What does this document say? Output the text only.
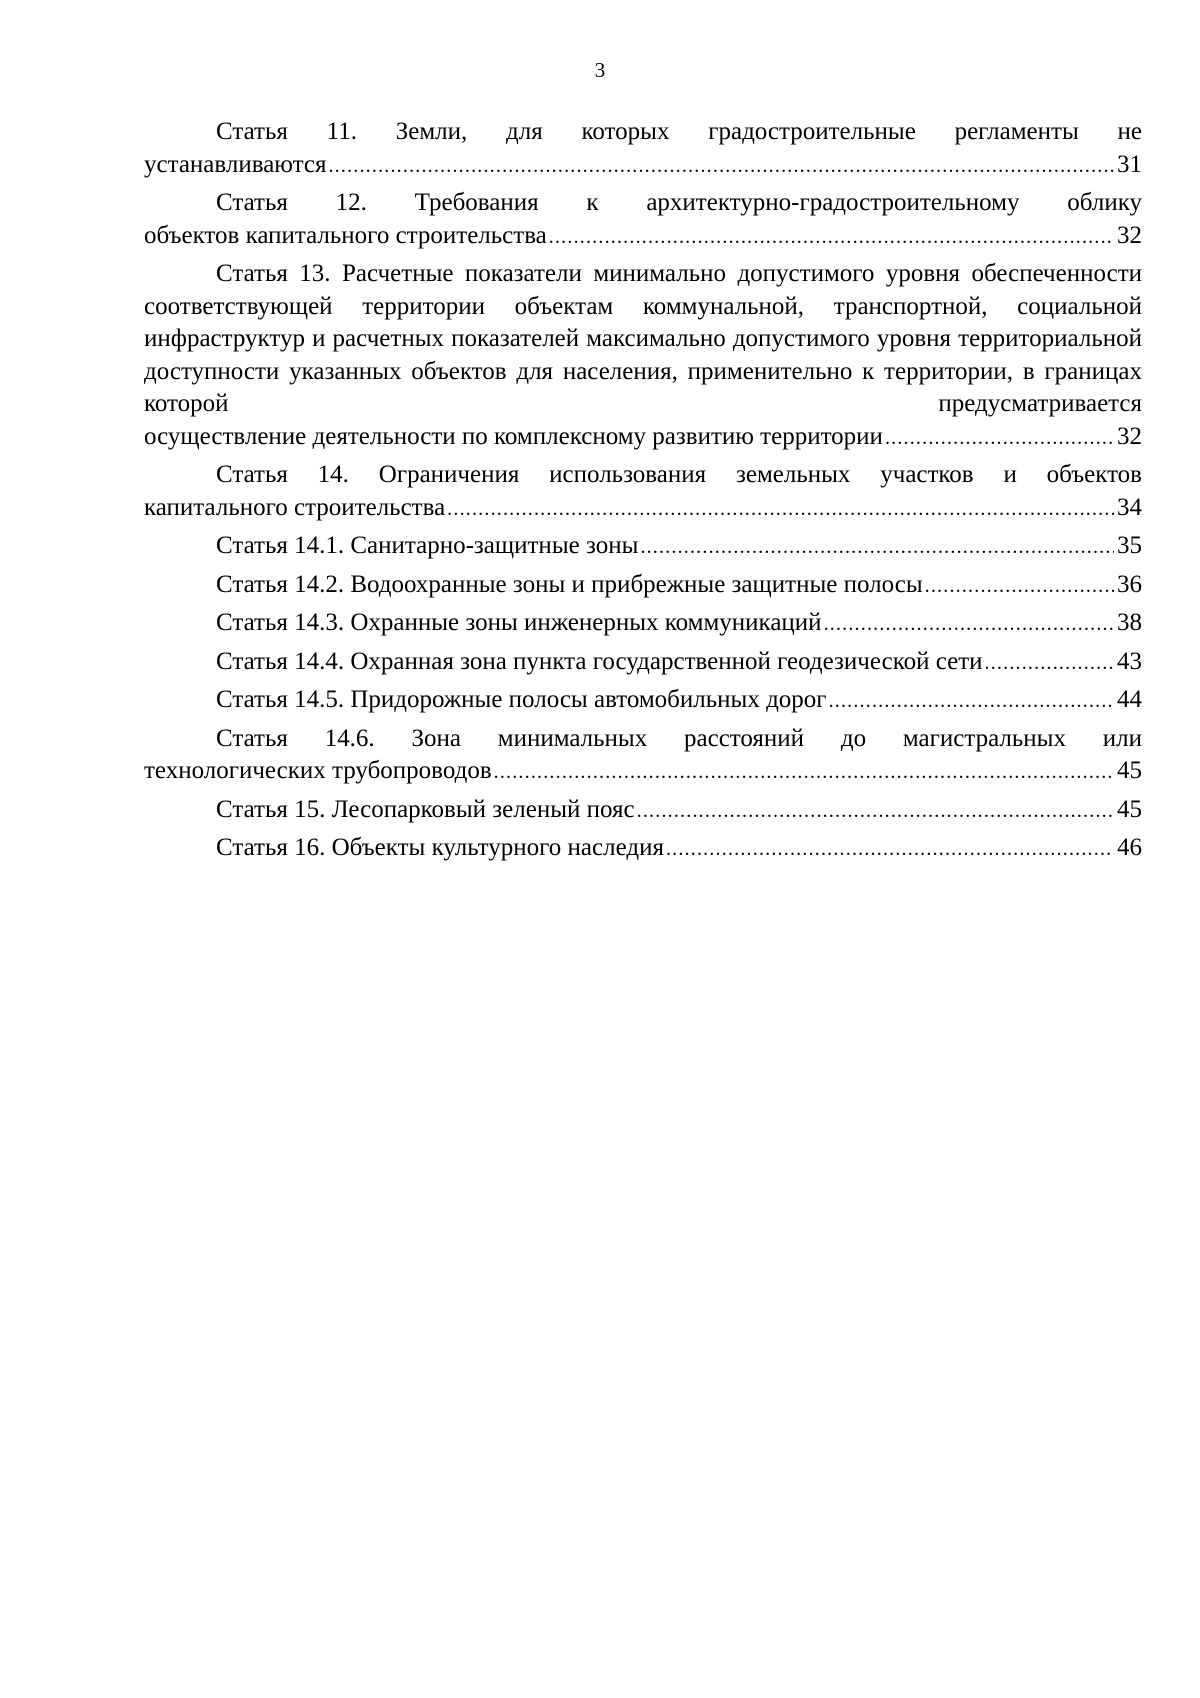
3
Статья 11. Земли, для которых градостроительные регламенты не
устанавливаются .....	31
Статья 12. Требования к архитектурно-градостроительному облику
объектов капитального строительства .....	32
Статья 13. Расчетные показатели минимально допустимого уровня обеспеченности соответствующей территории объектам коммунальной, транспортной, социальной инфраструктур и расчетных показателей максимально допустимого уровня территориальной доступности указанных объектов для населения, применительно к территории, в границах которой предусматривается
осуществление деятельности по комплексному развитию территории .....	32
Статья 14. Ограничения использования земельных участков и объектов
капитального строительства .....	34
Статья 14.1. Санитарно-защитные зоны .....	35
Статья 14.2. Водоохранные зоны и прибрежные защитные полосы .....	36
Статья 14.3. Охранные зоны инженерных коммуникаций .....	38
Статья 14.4. Охранная зона пункта государственной геодезической сети .....	43
Статья 14.5. Придорожные полосы автомобильных дорог .....	44
Статья 14.6. Зона минимальных расстояний до магистральных или
технологических трубопроводов .....	45
Статья 15. Лесопарковый зеленый пояс .....	45
Статья 16. Объекты культурного наследия .....	46
